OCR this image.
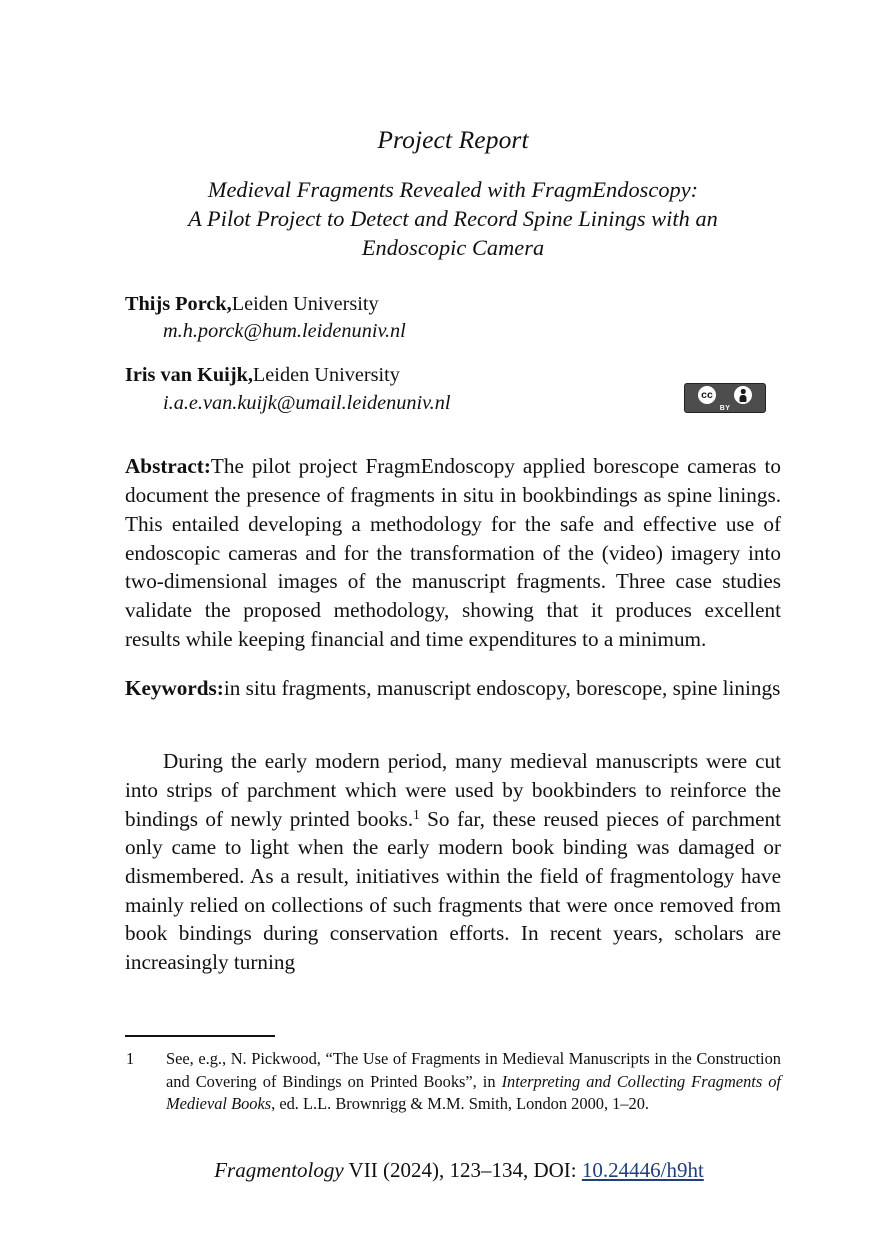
Project Report
Medieval Fragments Revealed with FragmEndoscopy:
A Pilot Project to Detect and Record Spine Linings with an
Endoscopic Camera
Thijs Porck,Leiden University
m.h.porck@hum.leidenuniv.nl
Iris van Kuijk,Leiden University
i.a.e.van.kuijk@umail.leidenuniv.nl
Abstract:The pilot project FragmEndoscopy applied borescope cameras to document the presence of fragments in situ in bookbindings as spine linings. This entailed developing a methodology for the safe and effective use of endoscopic cameras and for the transformation of the (video) imagery into two-dimensional images of the manuscript fragments. Three case studies validate the proposed methodology, showing that it produces excellent results while keeping financial and time expenditures to a minimum.
Keywords:in situ fragments, manuscript endoscopy, borescope, spine linings
During the early modern period, many medieval manuscripts were cut into strips of parchment which were used by bookbinders to reinforce the bindings of newly printed books.$^1$ So far, these reused pieces of parchment only came to light when the early modern book binding was damaged or dismembered. As a result, initiatives within the field of fragmentology have mainly relied on collections of such fragments that were once removed from book bindings during conservation efforts. In recent years, scholars are increasingly turning
cc
BY
1 See, e.g., N. Pickwood, “The Use of Fragments in Medieval Manuscripts in the Construction and Covering of Bindings on Printed Books”, in Interpreting and Collecting Fragments of Medieval Books, ed. L.L. Brownrigg & M.M. Smith, London 2000, 1–20.
Fragmentology VII (2024), 123–134, DOI: 10.24446/h9ht
